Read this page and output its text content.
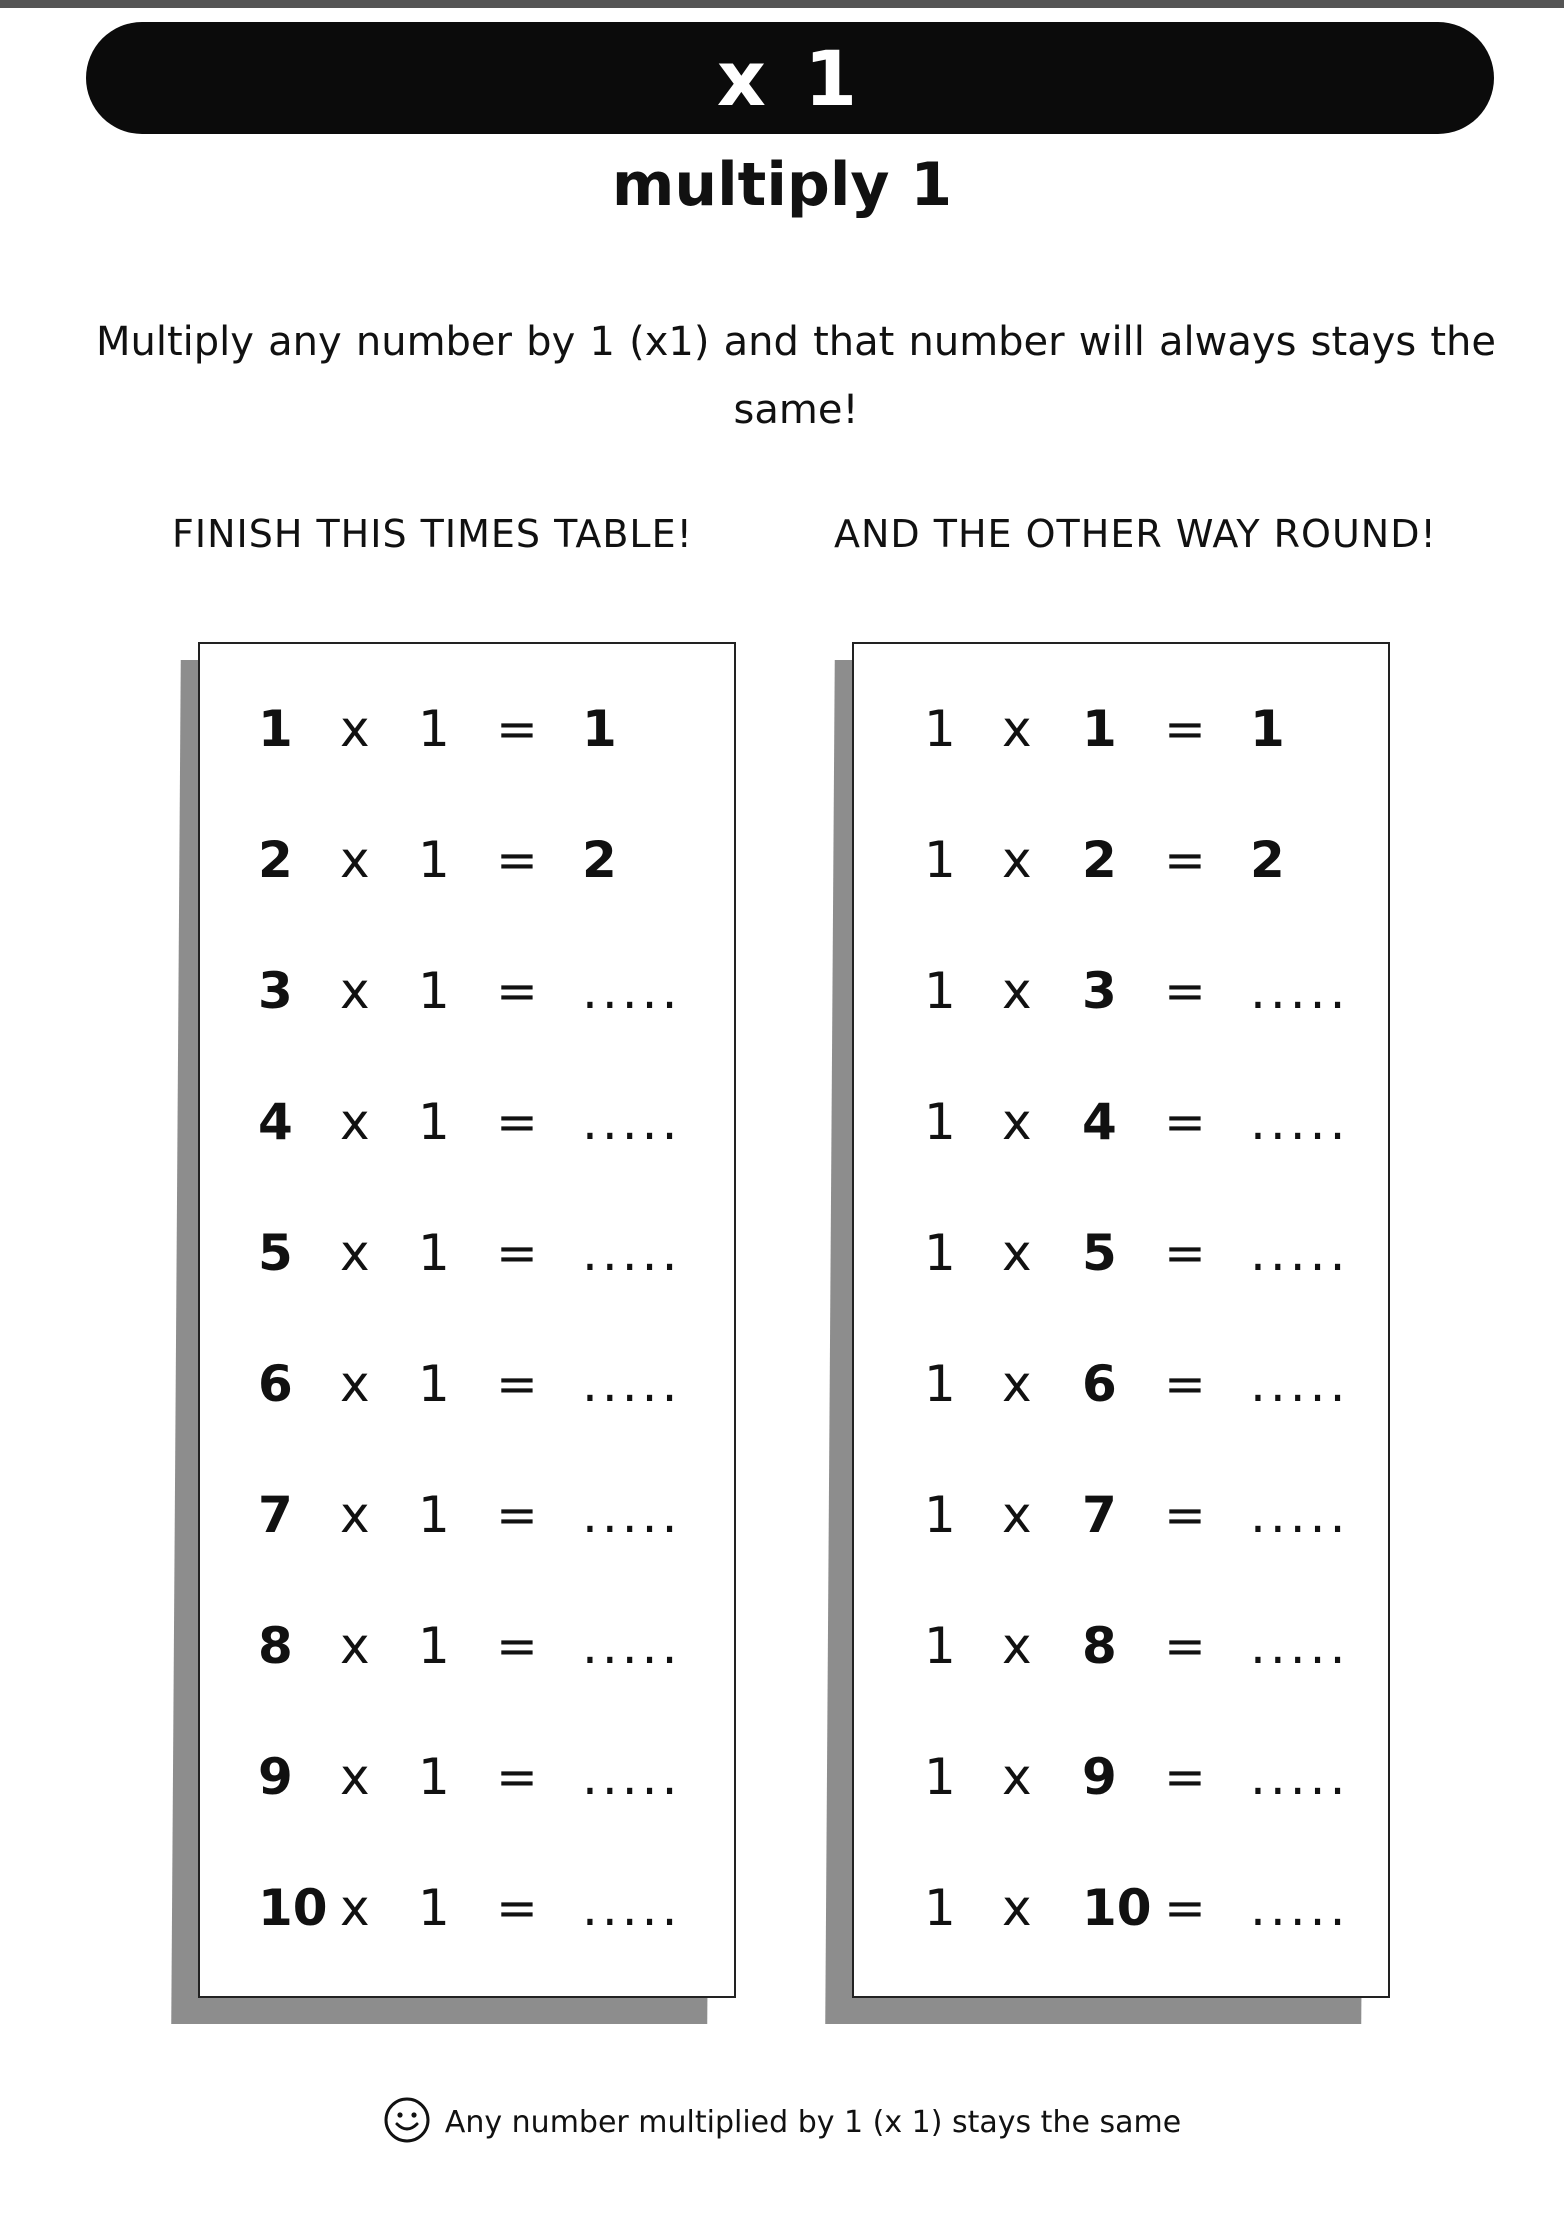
x 1
multiply 1
Multiply any number by 1 (x1) and that number will always stays the same!
FINISH THIS TIMES TABLE!	AND THE OTHER WAY ROUND!
1 x 1 = 1
2 x 1 = 2
3 x 1 = .....
4 x 1 = .....
5 x 1 = .....
6 x 1 = .....
7 x 1 = .....
8 x 1 = .....
9 x 1 = .....
10 x 1 = .....
1 x 1 = 1
1 x 2 = 2
1 x 3 = .....
1 x 4 = .....
1 x 5 = .....
1 x 6 = .....
1 x 7 = .....
1 x 8 = .....
1 x 9 = .....
1 x 10 = .....
Any number multiplied by 1 (x 1) stays the same
